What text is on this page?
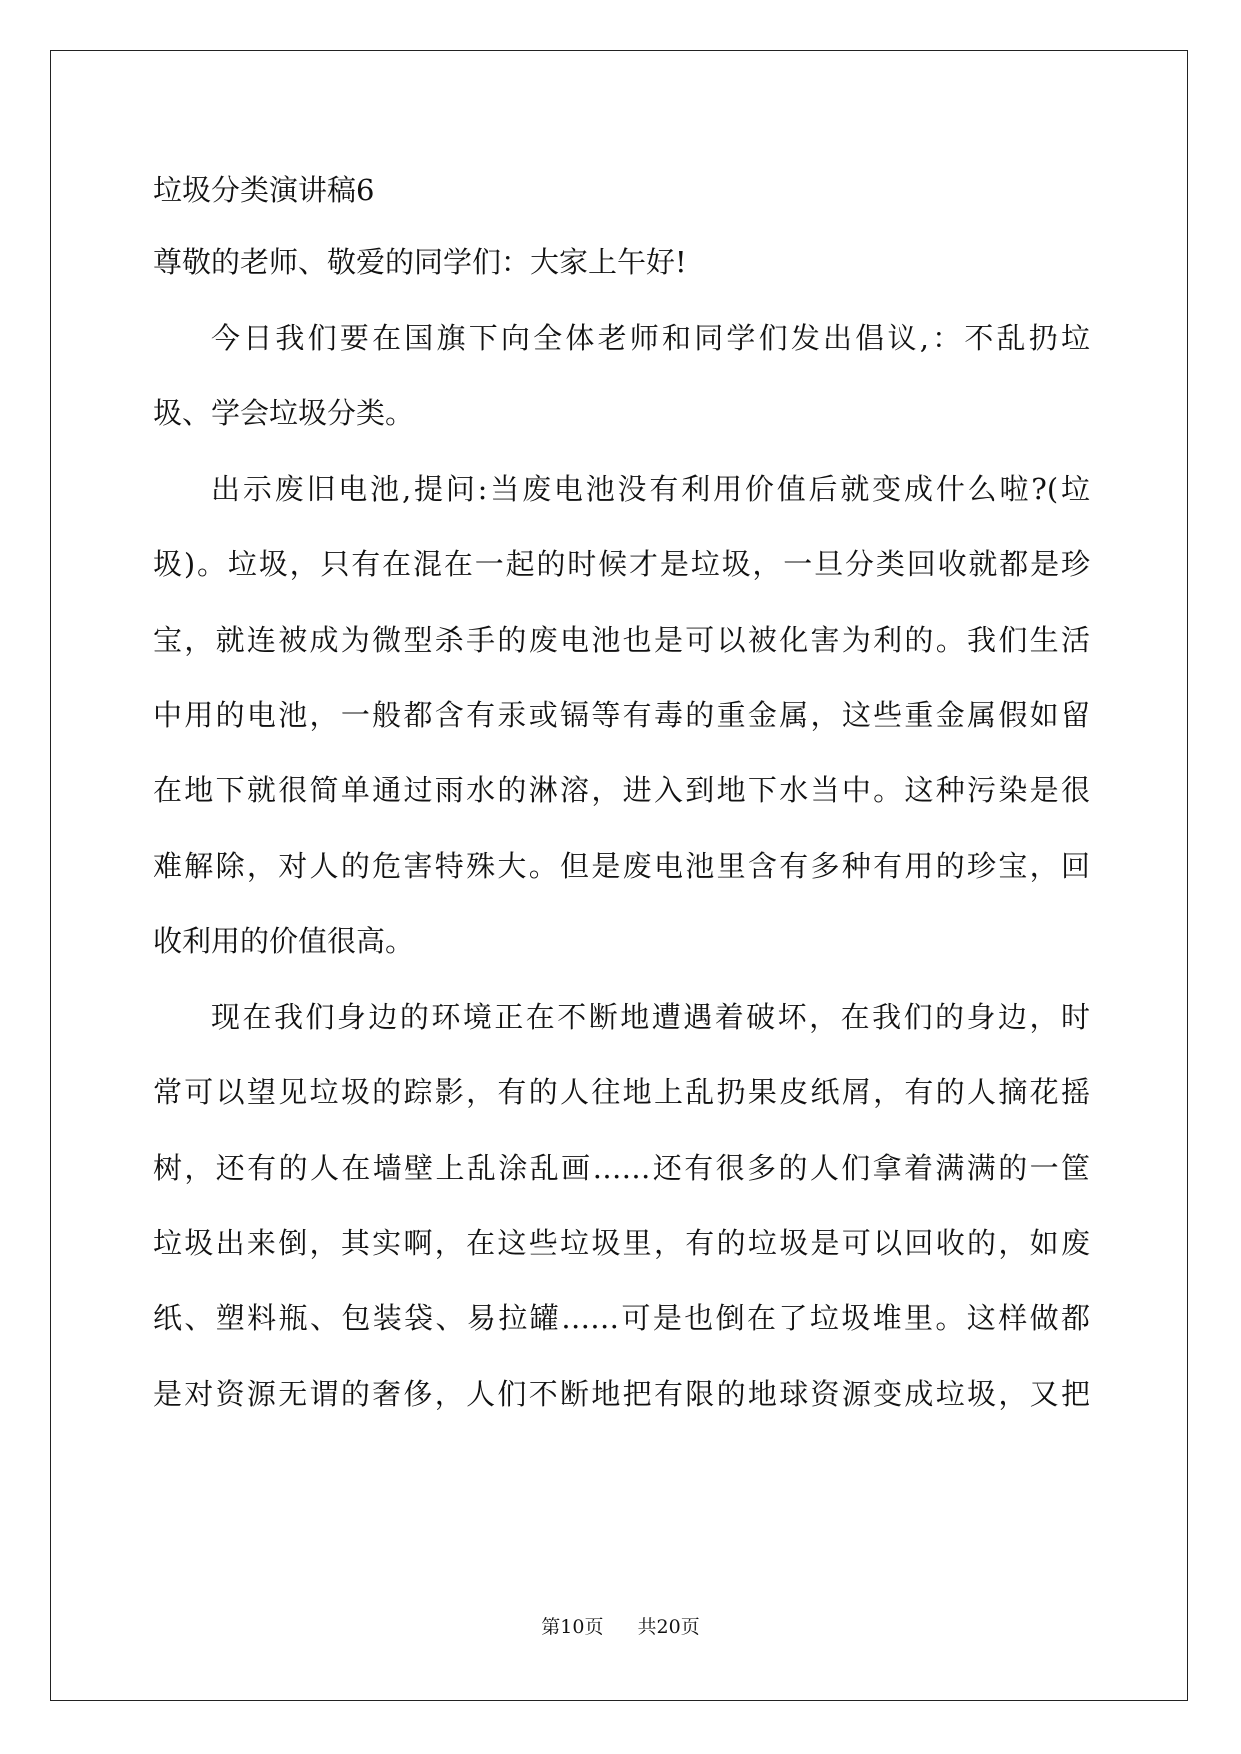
垃圾分类演讲稿6
尊敬的老师、敬爱的同学们：大家上午好!
今日我们要在国旗下向全体老师和同学们发出倡议,：不乱扔垃
圾、学会垃圾分类。
出示废旧电池,提问:当废电池没有利用价值后就变成什么啦?(垃
圾)。垃圾，只有在混在一起的时候才是垃圾，一旦分类回收就都是珍
宝，就连被成为微型杀手的废电池也是可以被化害为利的。我们生活
中用的电池，一般都含有汞或镉等有毒的重金属，这些重金属假如留
在地下就很简单通过雨水的淋溶，进入到地下水当中。这种污染是很
难解除，对人的危害特殊大。但是废电池里含有多种有用的珍宝，回
收利用的价值很高。
现在我们身边的环境正在不断地遭遇着破坏，在我们的身边，时
常可以望见垃圾的踪影，有的人往地上乱扔果皮纸屑，有的人摘花摇
树，还有的人在墙壁上乱涂乱画……还有很多的人们拿着满满的一筐
垃圾出来倒，其实啊，在这些垃圾里，有的垃圾是可以回收的，如废
纸、塑料瓶、包装袋、易拉罐……可是也倒在了垃圾堆里。这样做都
是对资源无谓的奢侈，人们不断地把有限的地球资源变成垃圾，又把
第10页 共20页
